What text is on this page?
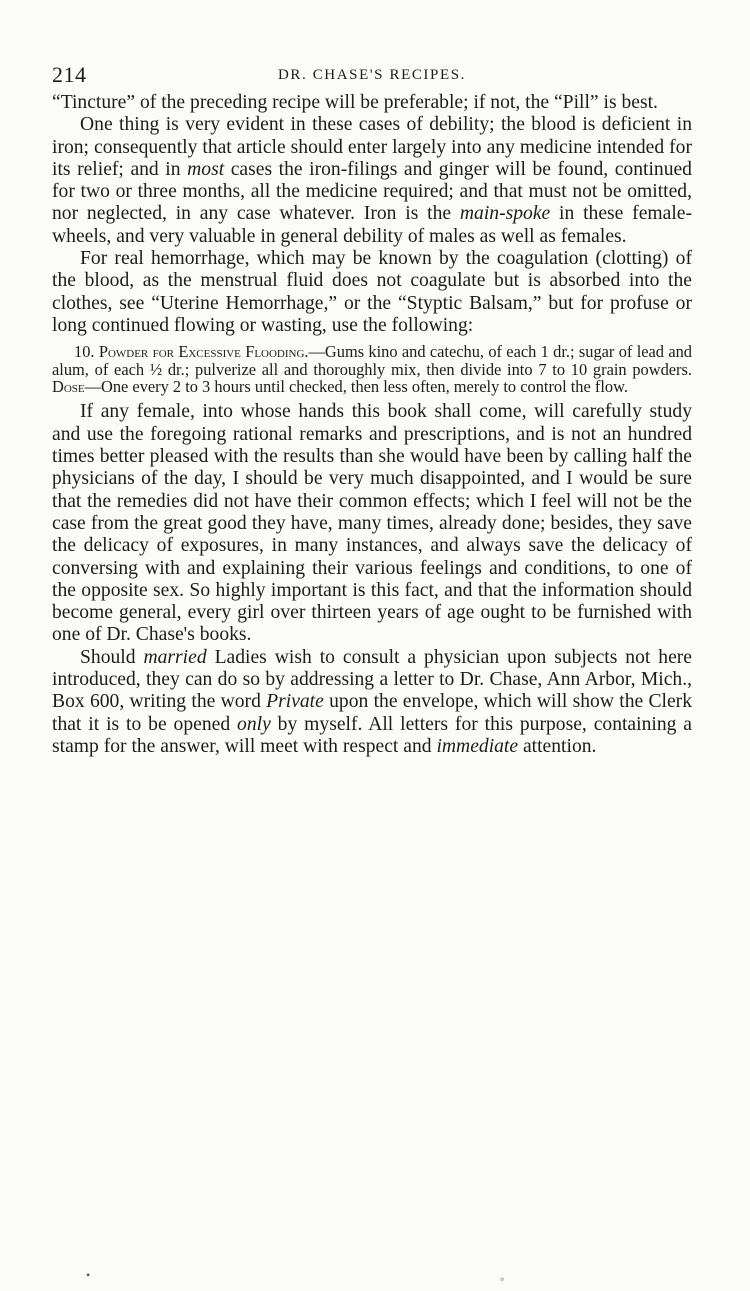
214	DR. CHASE'S RECIPES.

“Tincture” of the preceding recipe will be preferable; if not, the “Pill” is best.

One thing is very evident in these cases of debility; the blood is deficient in iron; consequently that article should enter largely into any medicine intended for its relief; and in most cases the iron-filings and ginger will be found, continued for two or three months, all the medicine required; and that must not be omitted, nor neglected, in any case whatever. Iron is the main-spoke in these female-wheels, and very valuable in general debility of males as well as females.

For real hemorrhage, which may be known by the coagulation (clotting) of the blood, as the menstrual fluid does not coagulate but is absorbed into the clothes, see “Uterine Hemorrhage,” or the “Styptic Balsam,” but for profuse or long continued flowing or wasting, use the following:

10. Powder for Excessive Flooding.—Gums kino and catechu, of each 1 dr.; sugar of lead and alum, of each ½ dr.; pulverize all and thoroughly mix, then divide into 7 to 10 grain powders. Dose—One every 2 to 3 hours until checked, then less often, merely to control the flow.

If any female, into whose hands this book shall come, will carefully study and use the foregoing rational remarks and prescriptions, and is not an hundred times better pleased with the results than she would have been by calling half the physicians of the day, I should be very much disappointed, and I would be sure that the remedies did not have their common effects; which I feel will not be the case from the great good they have, many times, already done; besides, they save the delicacy of exposures, in many instances, and always save the delicacy of conversing with and explaining their various feelings and conditions, to one of the opposite sex. So highly important is this fact, and that the information should become general, every girl over thirteen years of age ought to be furnished with one of Dr. Chase's books.

Should married Ladies wish to consult a physician upon subjects not here introduced, they can do so by addressing a letter to Dr. Chase, Ann Arbor, Mich., Box 600, writing the word Private upon the envelope, which will show the Clerk that it is to be opened only by myself. All letters for this purpose, containing a stamp for the answer, will meet with respect and immediate attention.

•	◦
